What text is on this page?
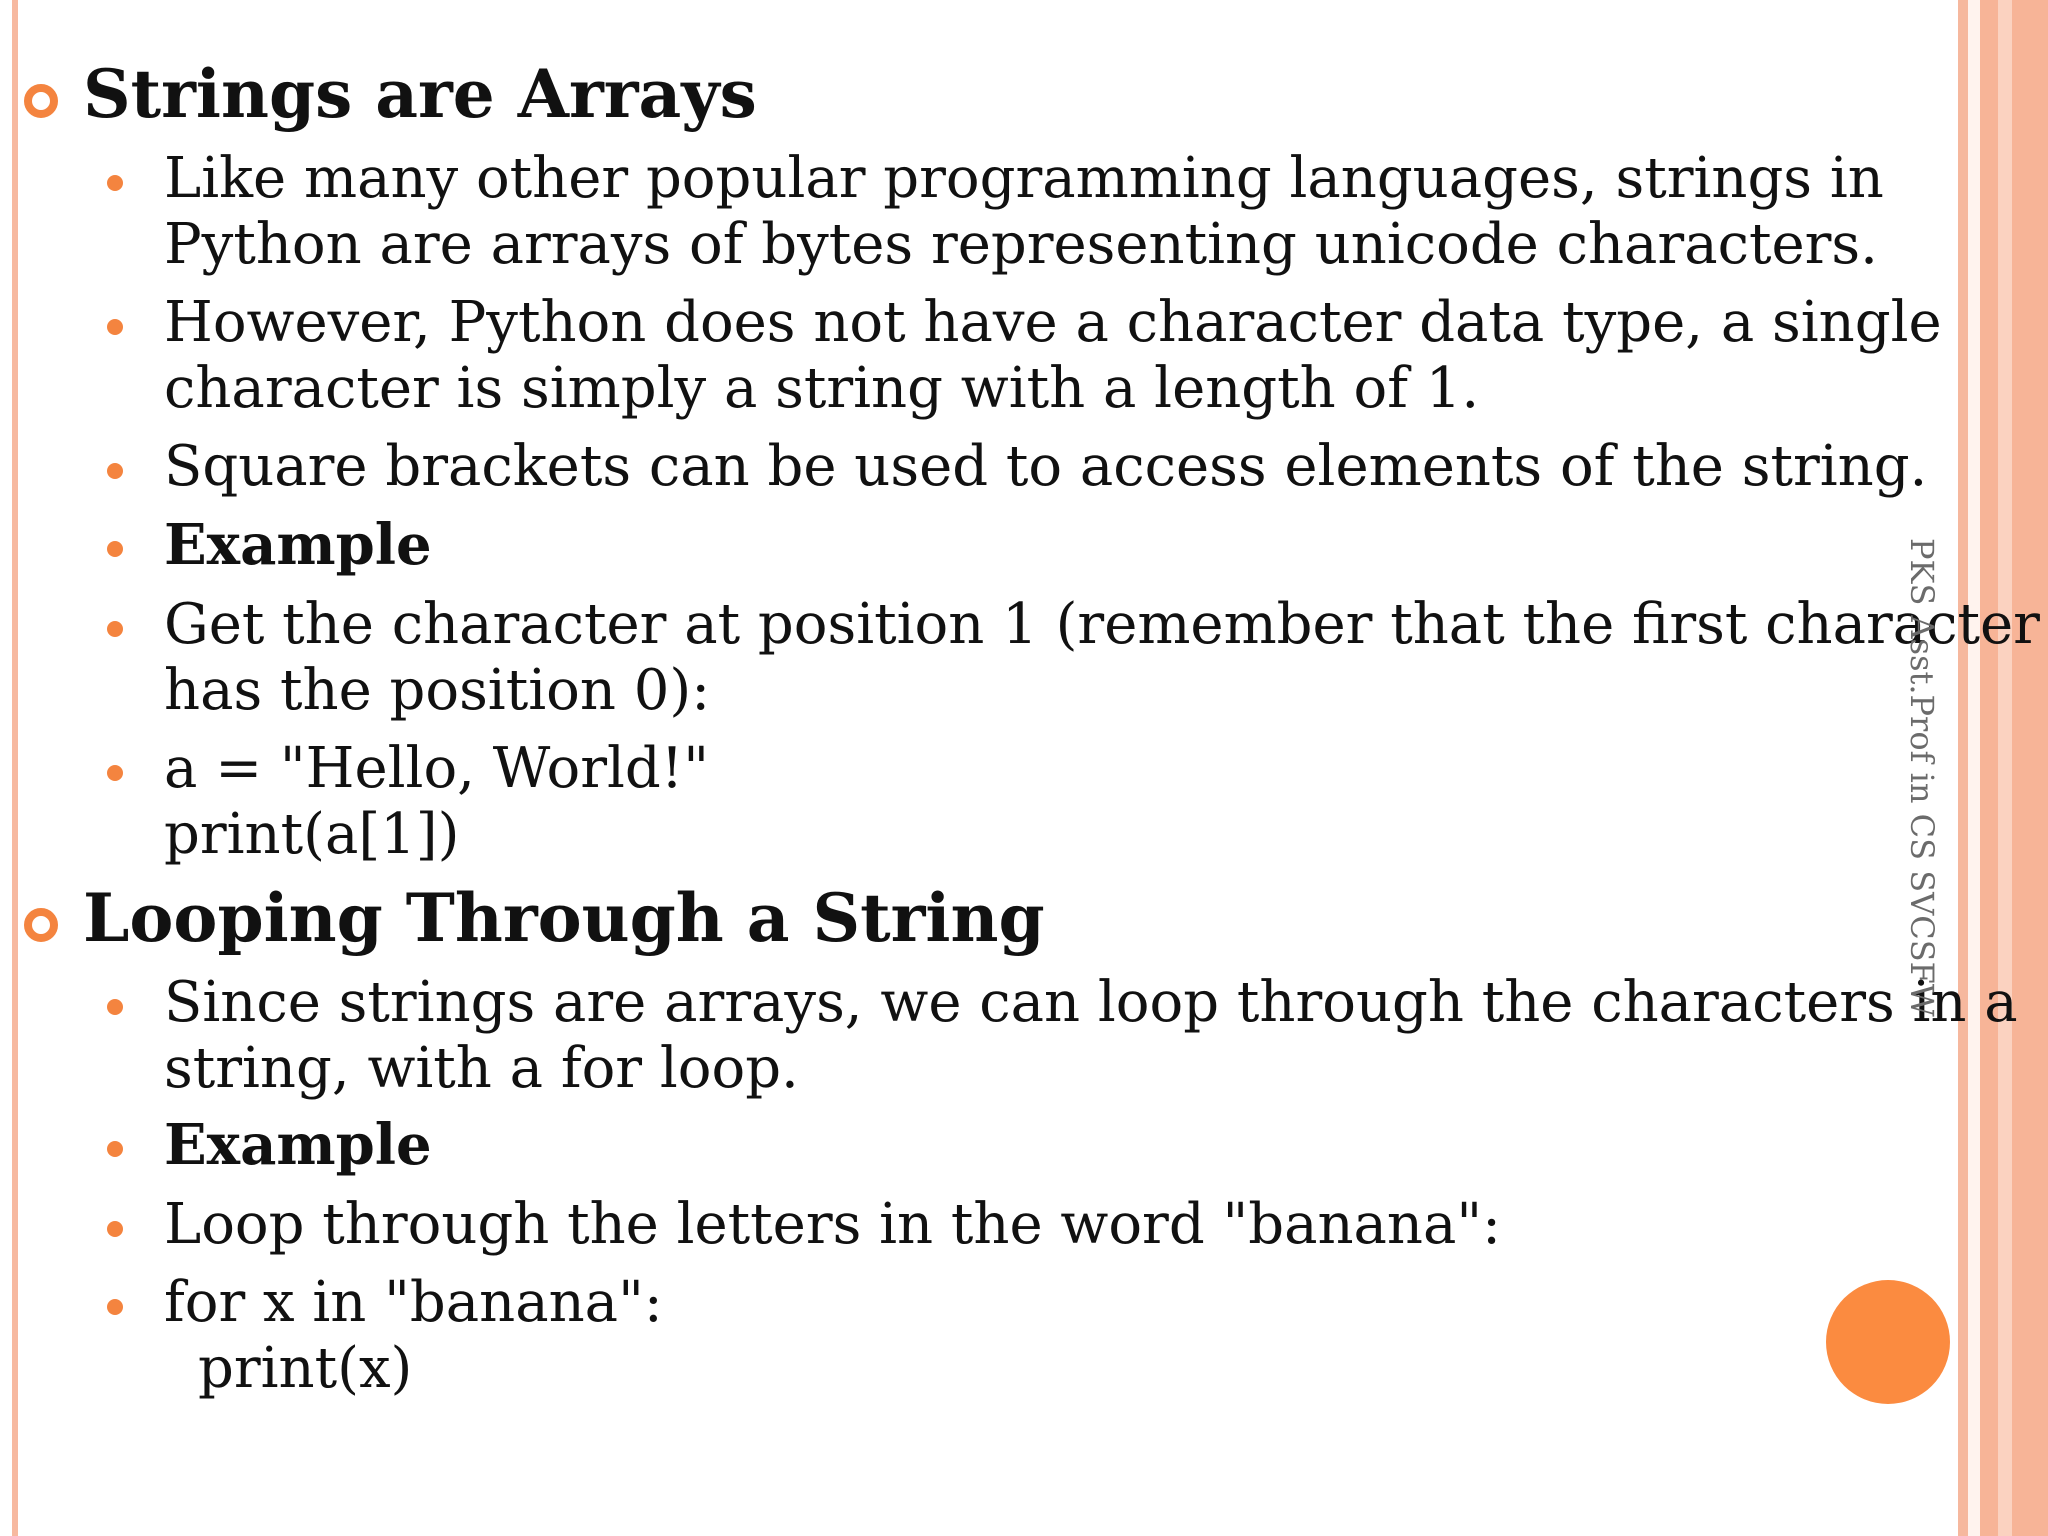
Strings are Arrays
Like many other popular programming languages, strings in
Python are arrays of bytes representing unicode characters.
However, Python does not have a character data type, a single
character is simply a string with a length of 1.
Square brackets can be used to access elements of the string.
Example
Get the character at position 1 (remember that the first character
has the position 0):
a = "Hello, World!"
print(a[1])
Looping Through a String
Since strings are arrays, we can loop through the characters in a
string, with a for loop.
Example
Loop through the letters in the word "banana":
for x in "banana":
print(x)
PKS Asst.Prof in CS SVCSFW
